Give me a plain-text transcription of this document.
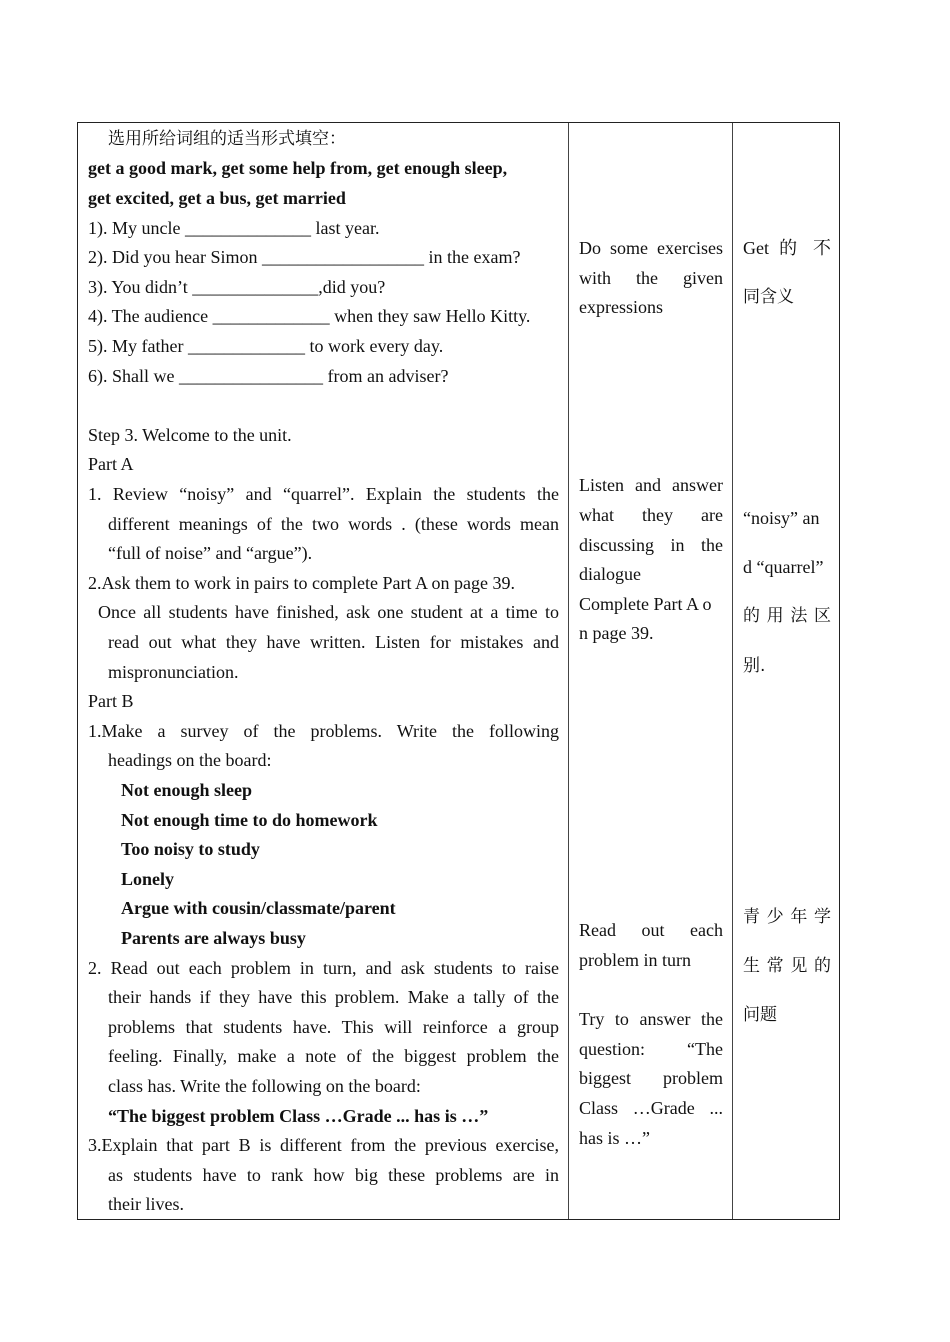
选用所给词组的适当形式填空：
get a good mark, get some help from, get enough sleep,
get excited, get a bus, get married
1). My uncle ______________ last year.
2). Did you hear Simon __________________ in the exam?
3). You didn’t ______________,did you?
4). The audience _____________ when they saw Hello Kitty.
5). My father _____________ to work every day.
6). Shall we ________________ from an adviser?
Step 3. Welcome to the unit.
Part A
1. Review “noisy” and “quarrel”. Explain the students the
different meanings of the two words . (these words mean
“full of noise” and “argue”).
2.Ask them to work in pairs to complete Part A on page 39.
Once all students have finished, ask one student at a time to
read out what they have written. Listen for mistakes and
mispronunciation.
Part B
1.Make a survey of the problems. Write the following
headings on the board:
Not enough sleep
Not enough time to do homework
Too noisy to study
Lonely
Argue with cousin/classmate/parent
Parents are always busy
2. Read out each problem in turn, and ask students to raise
their hands if they have this problem. Make a tally of the
problems that students have. This will reinforce a group
feeling. Finally, make a note of the biggest problem the
class has. Write the following on the board:
“The biggest problem Class …Grade ... has is …”
3.Explain that part B is different from the previous exercise,
as students have to rank how big these problems are in
their lives.
Do some exercises
with the given
expressions
Listen and answer
what they are
discussing in the
dialogue
Complete Part A o
n page 39.
Read out each
problem in turn
Try to answer the
question: “The
biggest problem
Class …Grade ...
has is …”
Get 的 不
同含义
“noisy” an
d “quarrel”
的 用 法 区
别.
青 少 年 学
生 常 见 的
问题
